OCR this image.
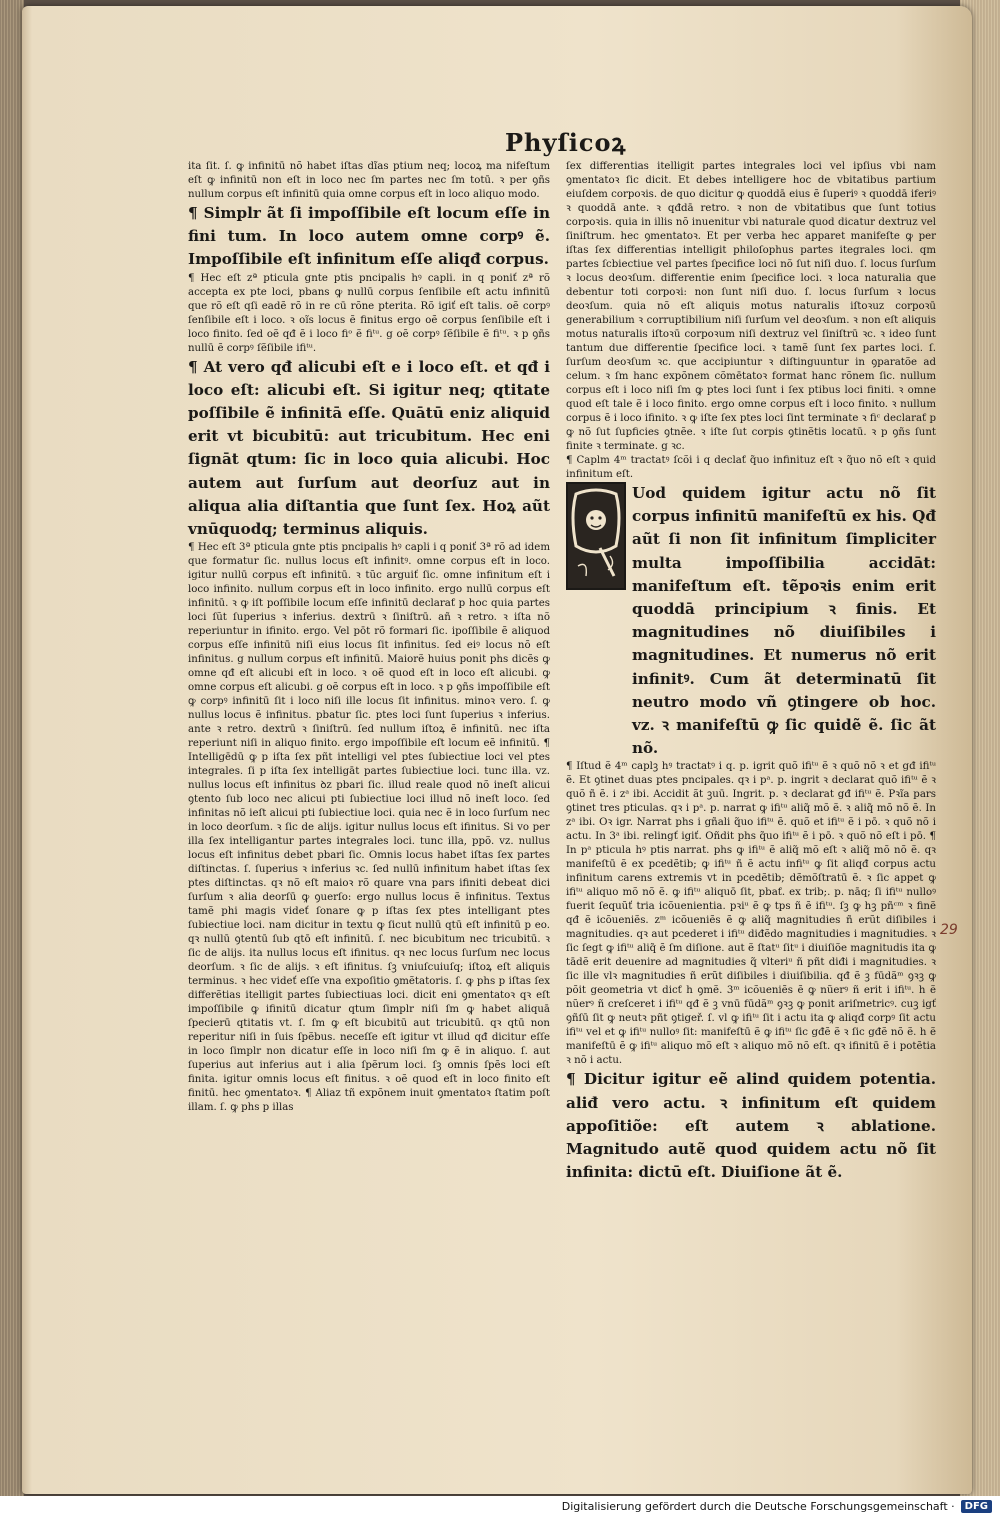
Phyſicoꝝ

ita ſit. ſ. ꝙ infinitū nõ habet iſtas dĩas ptium neq; locoꝝ ma nifeſtum eſt ꝙ infinitū non eſt in loco nec ſm partes nec ſm totū. ꝛ per ꝯñs nullum corpus eſt infinitū quia omne corpus eſt in loco aliquo modo.

¶ Simplr ãt ſi impoſſibile eſt locum eſſe in fini tum. In loco autem omne corpꝰ ẽ. Impoſſibile eſt infinitum eſſe aliqđ corpus.

¶ Hec eſt zª pticula gnte ptis pncipalis hꝰ capli. in q poniť zª rõ accepta ex pte loci, pbans ꝙ nullū corpus ſenſibile eſt actu infinitū que rõ eſt qſi eadẽ rõ in re cū rõne pterita. Rõ igiť eſt talis. oẽ corpꝰ ſenſibile eſt i loco. ꝛ oĩs locus ẽ finitus ergo oẽ corpus ſenſibile eſt i loco finito. ſed oẽ qđ ẽ i loco fiᵒ ẽ fiᵗᵘ. g oẽ corpꝰ ſẽſibile ẽ fiᵗᵘ. ꝛ p ꝯñs nullū ẽ corpꝰ ſẽſibile ifiᵗᵘ.

¶ At vero qđ alicubi eſt e i loco eſt. et qđ i loco eſt: alicubi eſt. Si igitur neq; qtitate poſſibile ẽ infinitā eſſe. Quātū eniz aliquid erit vt bicubitū: aut tricubitum. Hec eni ſignāt qtum: ſic in loco quia alicubi. Hoc autem aut ſurſum aut deorſuz aut in aliqua alia diſtantia que ſunt ſex. Hoꝝ aũt vnūquodq; terminus aliquis.

¶ Hec eſt 3ª pticula gnte ptis pncipalis hꝰ capli i q poniť 3ª rõ ad idem que formatur ſic. nullus locus eſt infinitꝰ. omne corpus eſt in loco. igitur nullū corpus eſt infinitū. ꝛ tũc arguiť ſic. omne infinitum eſt i loco infinito. nullum corpus eſt in loco infinito. ergo nullū corpus eſt infinitū. ꝛ ꝙ iſt poſſibile locum eſſe infinitū declaraƭ p hoc quia partes loci ſũt ſuperius ꝛ inferius. dextrū ꝛ ſiniſtrū. añ ꝛ retro. ꝛ iſta nõ reperiuntur in ifinito. ergo. Vel pōt rõ formari ſic. ipoſſibile ẽ aliquod corpus eſſe infinitū niſi eius locus ſit infinitus. ſed eiꝰ locus nõ eſt infinitus. g nullum corpus eſt infinitū. Maiorẽ huius ponit phs dicẽs ꝙ omne qđ eſt alicubi eſt in loco. ꝛ oẽ quod eſt in loco eſt alicubi. ꝙ omne corpus eſt alicubi. g oẽ corpus eſt in loco. ꝛ p ꝯñs impoſſibile eſt ꝙ corpꝰ infinitū ſit i loco niſi ille locus ſit infinitus. minoꝛ vero. ſ. ꝙ nullus locus ẽ infinitus. pbatur ſic. ptes loci ſunt ſuperius ꝛ inferius. ante ꝛ retro. dextrū ꝛ ſiniſtrū. ſed nullum iſtoꝝ ẽ infinitū. nec iſta reperiunt niſi in aliquo finito. ergo impoſſibile eſt locum eẽ infinitū. ¶ Intelligēdū ꝙ p iſta ſex pñt intelligi vel ptes ſubiectiue loci vel ptes integrales. ſi p iſta ſex intelligāt partes ſubiectiue loci. tunc illa. vz. nullus locus eſt infinitus ꝺz pbari ſic. illud reale quod nõ ineſt alicui ꝯtento ſub loco nec alicui pti ſubiectiue loci illud nõ ineſt loco. ſed infinitas nõ ieſt alicui pti ſubiectiue loci. quia nec ẽ in loco ſurſum nec in loco deorſum. ꝛ ſic de alijs. igitur nullus locus eſt ifinitus. Si vo per illa ſex intelligantur partes integrales loci. tunc illa, ppõ. vz. nullus locus eſt infinitus debet pbari ſic. Omnis locus habet iſtas ſex partes diſtinctas. ſ. ſuperius ꝛ inferius ꝛc. ſed nullū infinitum habet iſtas ſex ptes diſtinctas. qꝛ nõ eſt maioꝛ rõ quare vna pars ifiniti debeat dici ſurſum ꝛ alia deorſū ꝙ ꝯuerſo: ergo nullus locus ẽ infinitus. Textus tamẽ phi magis videť ſonare ꝙ p iſtas ſex ptes intelligant ptes ſubiectiue loci. nam dicitur in textu ꝙ ſicut nullū qtū eſt infinitū p eo. qꝛ nullū ꝯtentū ſub qtō eſt infinitū. ſ. nec bicubitum nec tricubitū. ꝛ ſic de alijs. ita nullus locus eſt ifinitus. qꝛ nec locus ſurſum nec locus deorſum. ꝛ ſic de alijs. ꝛ eſt ifinitus. ſꝫ vniuſcuiuſq; iſtoꝝ eſt aliquis terminus. ꝛ hec videť eſſe vna expoſitio ꝯmẽtatoris. ſ. ꝙ phs p iſtas ſex differẽtias itelligit partes ſubiectiuas loci. dicit eni ꝯmentatoꝛ qꝛ eſt impoſſibile ꝙ ifinitū dicatur qtum ſimplr niſi ſm ꝙ habet aliquā ſpecierū qtitatis vt. ſ. ſm ꝙ eſt bicubitū aut tricubitū. qꝛ qtū non reperitur niſi in ſuis ſpẽbus. neceſſe eſt igitur vt illud qđ dicitur eſſe in loco ſimplr non dicatur eſſe in loco niſi ſm ꝙ ẽ in aliquo. ſ. aut ſuperius aut inferius aut i alia ſpẽrum loci. ſꝫ omnis ſpẽs loci eſt finita. igitur omnis locus eſt finitus. ꝛ oẽ quod eſt in loco finito eſt finitū. hec ꝯmentatoꝛ. ¶ Aliaz tñ expõnem inuit ꝯmentatoꝛ ſtatim poſt illam. ſ. ꝙ phs p illas

ſex differentias itelligit partes integrales loci vel ipſius vbi nam ꝯmentatoꝛ ſic dicit. Et debes intelligere hoc de vbitatibus partium eiuſdem corpoꝛis. de quo dicitur ꝙ quoddā eius ẽ ſuperiꝰ ꝛ quoddā iferiꝰ ꝛ quoddā ante. ꝛ qđdā retro. ꝛ non de vbitatibus que ſunt totius corpoꝛis. quia in illis nõ inuenitur vbi naturale quod dicatur dextruz vel ſiniſtrum. hec ꝯmentatoꝛ. Et per verba hec apparet manifeſte ꝙ per iſtas ſex differentias intelligit philoſophus partes itegrales loci. qm partes ſcbiectiue vel partes ſpecifice loci nõ ſut niſi duo. ſ. locus ſurſum ꝛ locus deoꝛſum. differentie enim ſpecifice loci. ꝛ loca naturalia que debentur toti corpoꝛi: non ſunt niſi duo. ſ. locus ſurſum ꝛ locus deoꝛſum. quia nõ eſt aliquis motus naturalis iſtoꝛuz corpoꝛū generabilium ꝛ corruptibilium niſi ſurſum vel deoꝛſum. ꝛ non eſt aliquis motus naturalis iſtoꝛū corpoꝛum niſi dextruz vel ſiniſtrū ꝛc. ꝛ ideo ſunt tantum due differentie ſpecifice loci. ꝛ tamẽ ſunt ſex partes loci. ſ. ſurſum deoꝛſum ꝛc. que accipiuntur ꝛ diſtinguuntur in ꝯparatõe ad celum. ꝛ ſm hanc expõnem cõmētatoꝛ format hanc rõnem ſic. nullum corpus eſt i loco niſi ſm ꝙ ptes loci ſunt i ſex ptibus loci finiti. ꝛ omne quod eſt tale ẽ i loco finito. ergo omne corpus eſt i loco finito. ꝛ nullum corpus ẽ i loco ifinito. ꝛ ꝙ iſte ſex ptes loci ſint terminate ꝛ fiᶜ declaraƭ p ꝙ nõ ſut ſupficies ꝯtnẽe. ꝛ iſte ſut corpis ꝯtinẽtis locatū. ꝛ p ꝯñs ſunt finite ꝛ terminate. g ꝛc.

¶ Caplm 4ᵐ tractatꝰ ſcõi i q declaƭ q̃uo infinituz eſt ꝛ q̃uo nõ eſt ꝛ quid infinitum eſt.

Uod quidem igitur actu nõ ſit corpus infinitū manifeſtū ex his. Qđ aũt ſi non ſit infinitum ſimpliciter multa impoſſibilia accidāt: manifeſtum eſt. tẽpoꝛis enim erit quoddā principium ꝛ finis. Et magnitudines nõ diuiſibiles i magnitudines. Et numerus nõ erit infinitꝰ. Cum ãt determinatū ſit neutro modo vñ ꝯtingere ob hoc. vz. ꝛ manifeſtū ꝙ ſic quidẽ ẽ. ſic ãt nõ.

¶ Iſtud ẽ 4ᵐ caplꝫ hꝰ tractatꝰ i q. p. igrit quõ ifiᵗᵘ ẽ ꝛ quõ nõ ꝛ et gđ ifiᵗᵘ ẽ. Et ꝯtinet duas ptes pncipales. qꝛ i pᵃ. p. ingrit ꝛ declarat quõ ifiᵗᵘ ẽ ꝛ quõ ñ ẽ. i zᵃ ibi. Accidit ãt ꝫuū. Ingrit. p. ꝛ declarat gđ ifiᵗᵘ ẽ. Pꝛĩa pars ꝯtinet tres pticulas. qꝛ i pᵃ. p. narrat ꝙ ifiᵗᵘ aliq̃ mõ ẽ. ꝛ aliq̃ mõ nõ ẽ. In zᵃ ibi. Oꝛ igr. Narrat phs i gñali q̃uo ifiᵗᵘ ẽ. quõ et ifiᵗᵘ ẽ i pō. ꝛ quõ nõ i actu. In 3ᵃ ibi. relingť igiť. Oñdit phs q̃uo ifiᵗᵘ ẽ i pō. ꝛ quõ nõ eſt i pō. ¶ In pᵃ pticula hꝰ ptis narrat. phs ꝙ ifiᵗᵘ ẽ aliq̃ mõ eſt ꝛ aliq̃ mõ nõ ẽ. qꝛ manifeſtū ẽ ex pcedẽtib; ꝙ ifiᵗᵘ ñ ẽ actu infiᵗᵘ ꝙ ſit aliqđ corpus actu infinitum carens extremis vt in pcedẽtib; dẽmõſtratū ẽ. ꝛ ſic appet ꝙ ifiᵗᵘ aliquo mõ nõ ẽ. ꝙ ifiᵗᵘ aliquō ſit, pbaƭ. ex trib;. p. nāq; ſi ifiᵗᵘ nulloꝰ fuerit ſequũť tria icõuenientia. pꝛiᵘ ẽ ꝙ tps ñ ẽ ifiᵗᵘ. ſꝫ ꝙ hꝫ pñᶜᵐ ꝛ finẽ qđ ẽ icõueniẽs. zᵐ icõueniẽs ẽ ꝙ aliq̃ magnitudies ñ erũt diſibiles i magnitudies. qꝛ aut pcederet i ifiᵗᵘ diđẽdo magnitudies i magnitudies. ꝛ ſic ſegt ꝙ ifiᵗᵘ aliq̃ ẽ ſm diſione. aut ẽ ſtatᵘ ſitᵘ i diuiſiõe magnitudis ita ꝙ tādẽ erit deuenire ad magnitudies q̃ vlteriᵘ ñ pñt diđi i magnitudies. ꝛ ſic ille vlꝛ magnitudies ñ erũt diſibiles i diuiſibilia. qđ ẽ ꝫ fūdãᵐ ꝯꝛꝫ ꝙ põit geometria vt dicƭ h ꝯmẽ. 3ᵐ icõueniẽs ẽ ꝙ nũerꝰ ñ erit i ifiᵗᵘ. h ẽ nũerꝰ ñ creſceret i ifiᵗᵘ qđ ẽ ꝫ vnū fūdãᵐ ꝯꝛꝫ ꝙ ponit ariſmetricꝰ. cuꝫ igť ꝯñſū ſit ꝙ neutꝛ pñt ꝯtigeř. ſ. vl ꝙ ifiᵗᵘ ſit i actu ita ꝙ aliqđ corpꝰ ſit actu ifiᵗᵘ vel et ꝙ ifiᵗᵘ nulloꝰ ſit: manifeſtū ẽ ꝙ ifiᵗᵘ ſic gđẽ ẽ ꝛ ſic gđẽ nõ ẽ. h ẽ manifeſtū ẽ ꝙ ifiᵗᵘ aliquo mõ eſt ꝛ aliquo mõ nõ eſt. qꝛ ifinitū ẽ i potẽtia ꝛ nõ i actu.

¶ Dicitur igitur eẽ alind quidem potentia. aliđ vero actu. ꝛ infinitum eſt quidem appoſitiõe: eſt autem ꝛ ablatione. Magnitudo autẽ quod quidem actu nõ ſit infinita: dictū eſt. Diuiſione ãt ẽ.

29
Digitalisierung gefördert durch die Deutsche Forschungsgemeinschaft ·	DFG
